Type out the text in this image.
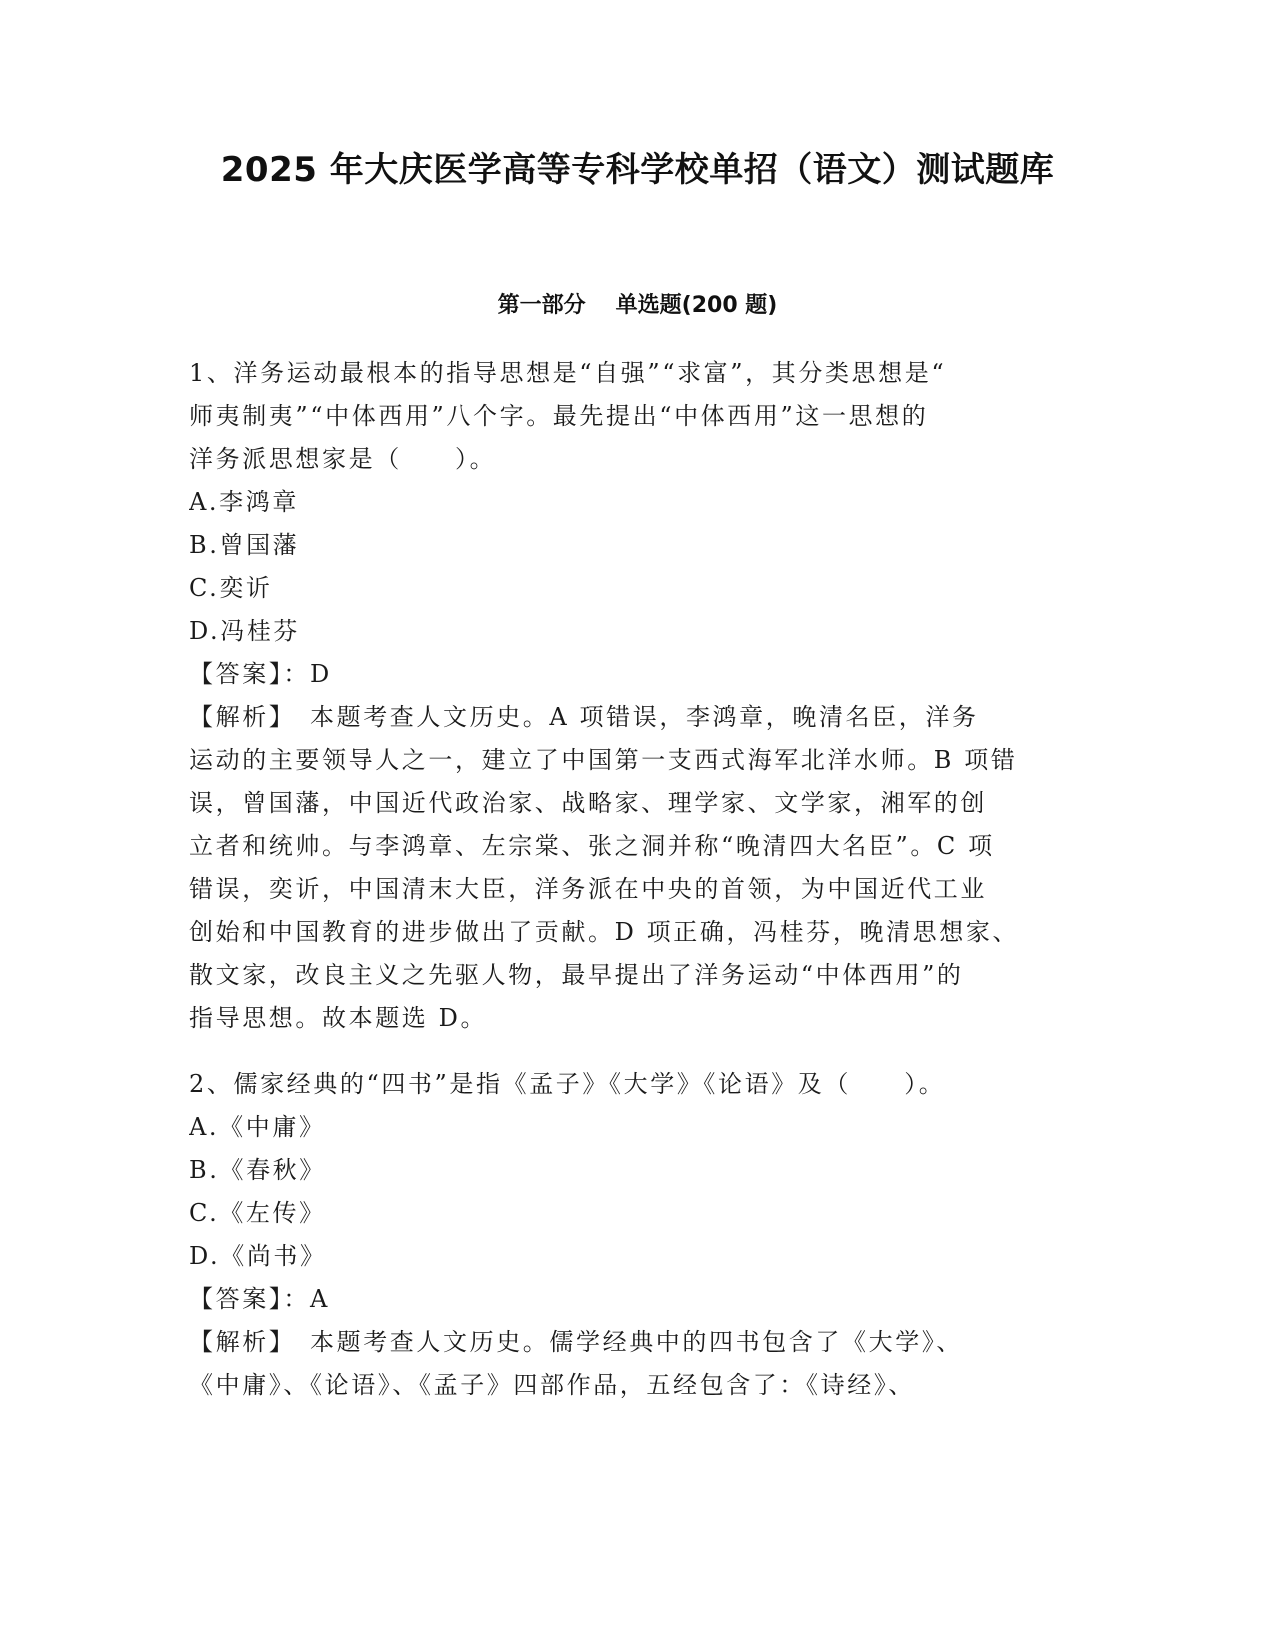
2025 年大庆医学高等专科学校单招（语文）测试题库
第一部分 单选题(200 题)
1、洋务运动最根本的指导思想是“自强”“求富”，其分类思想是“
师夷制夷”“中体西用”八个字。最先提出“中体西用”这一思想的
洋务派思想家是（　　）。
A.李鸿章
B.曾国藩
C.奕䜣
D.冯桂芬
【答案】：D
【解析】　本题考查人文历史。A 项错误，李鸿章，晚清名臣，洋务
运动的主要领导人之一，建立了中国第一支西式海军北洋水师。B 项错
误，曾国藩，中国近代政治家、战略家、理学家、文学家，湘军的创
立者和统帅。与李鸿章、左宗棠、张之洞并称“晚清四大名臣”。C 项
错误，奕䜣，中国清末大臣，洋务派在中央的首领，为中国近代工业
创始和中国教育的进步做出了贡献。D 项正确，冯桂芬，晚清思想家、
散文家，改良主义之先驱人物，最早提出了洋务运动“中体西用”的
指导思想。故本题选 D。
2、儒家经典的“四书”是指《孟子》《大学》《论语》及（　　）。
A.《中庸》
B.《春秋》
C.《左传》
D.《尚书》
【答案】：A
【解析】　本题考查人文历史。儒学经典中的四书包含了《大学》、
《中庸》、《论语》、《孟子》四部作品，五经包含了：《诗经》、
